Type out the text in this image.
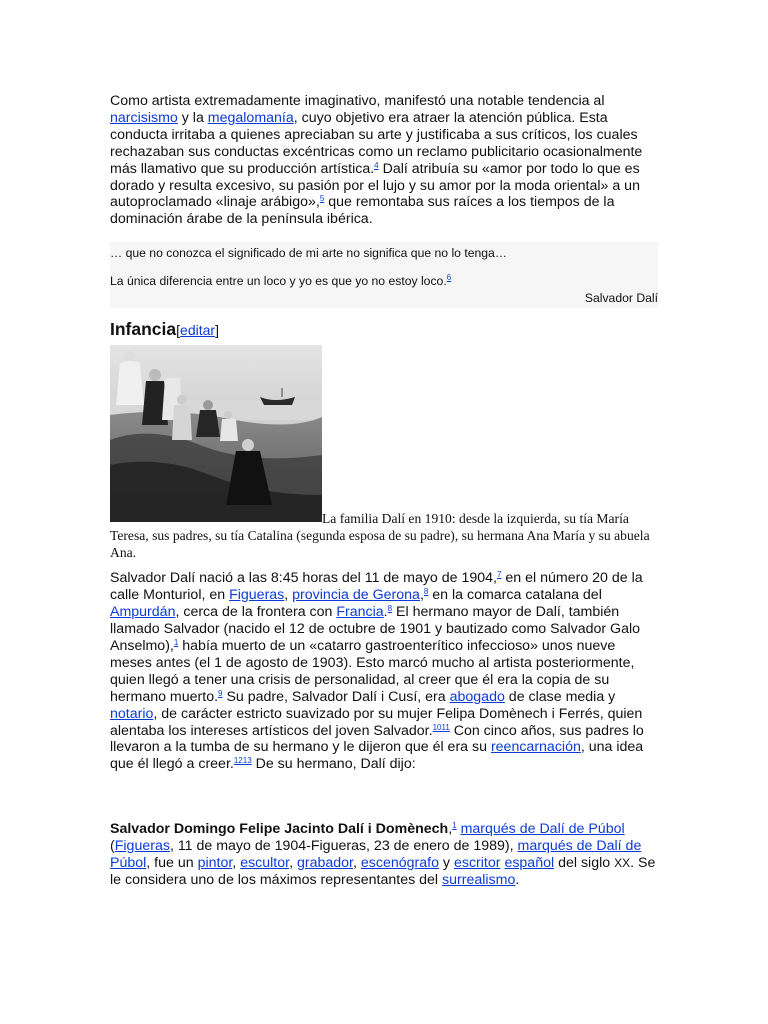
Como artista extremadamente imaginativo, manifestó una notable tendencia al narcisismo y la megalomanía, cuyo objetivo era atraer la atención pública. Esta conducta irritaba a quienes apreciaban su arte y justificaba a sus críticos, los cuales rechazaban sus conductas excéntricas como un reclamo publicitario ocasionalmente más llamativo que su producción artística.$^4$ Dalí atribuía su «amor por todo lo que es dorado y resulta excesivo, su pasión por el lujo y su amor por la moda oriental» a un autoproclamado «linaje arábigo»,$^5$ que remontaba sus raíces a los tiempos de la dominación árabe de la península ibérica.

… que no conozca el significado de mi arte no significa que no lo tenga…

La única diferencia entre un loco y yo es que yo no estoy loco.$^6$

Salvador Dalí

Infancia[editar]

La familia Dalí en 1910: desde la izquierda, su tía María Teresa, sus padres, su tía Catalina (segunda esposa de su padre), su hermana Ana María y su abuela Ana.

Salvador Dalí nació a las 8:45 horas del 11 de mayo de 1904,$^7$ en el número 20 de la calle Monturiol, en Figueras, provincia de Gerona,$^8$ en la comarca catalana del Ampurdán, cerca de la frontera con Francia.$^8$ El hermano mayor de Dalí, también llamado Salvador (nacido el 12 de octubre de 1901 y bautizado como Salvador Galo Anselmo),$^1$ había muerto de un «catarro gastroenterítico infeccioso» unos nueve meses antes (el 1 de agosto de 1903). Esto marcó mucho al artista posteriormente, quien llegó a tener una crisis de personalidad, al creer que él era la copia de su hermano muerto.$^9$ Su padre, Salvador Dalí i Cusí, era abogado de clase media y notario, de carácter estricto suavizado por su mujer Felipa Domènech i Ferrés, quien alentaba los intereses artísticos del joven Salvador.$^{1011}$ Con cinco años, sus padres lo llevaron a la tumba de su hermano y le dijeron que él era su reencarnación, una idea que él llegó a creer.$^{1213}$ De su hermano, Dalí dijo:

Salvador Domingo Felipe Jacinto Dalí i Domènech,$^1$ marqués de Dalí de Púbol (Figueras, 11 de mayo de 1904-Figueras, 23 de enero de 1989), marqués de Dalí de Púbol, fue un pintor, escultor, grabador, escenógrafo y escritor español del siglo XX. Se le considera uno de los máximos representantes del surrealismo.
